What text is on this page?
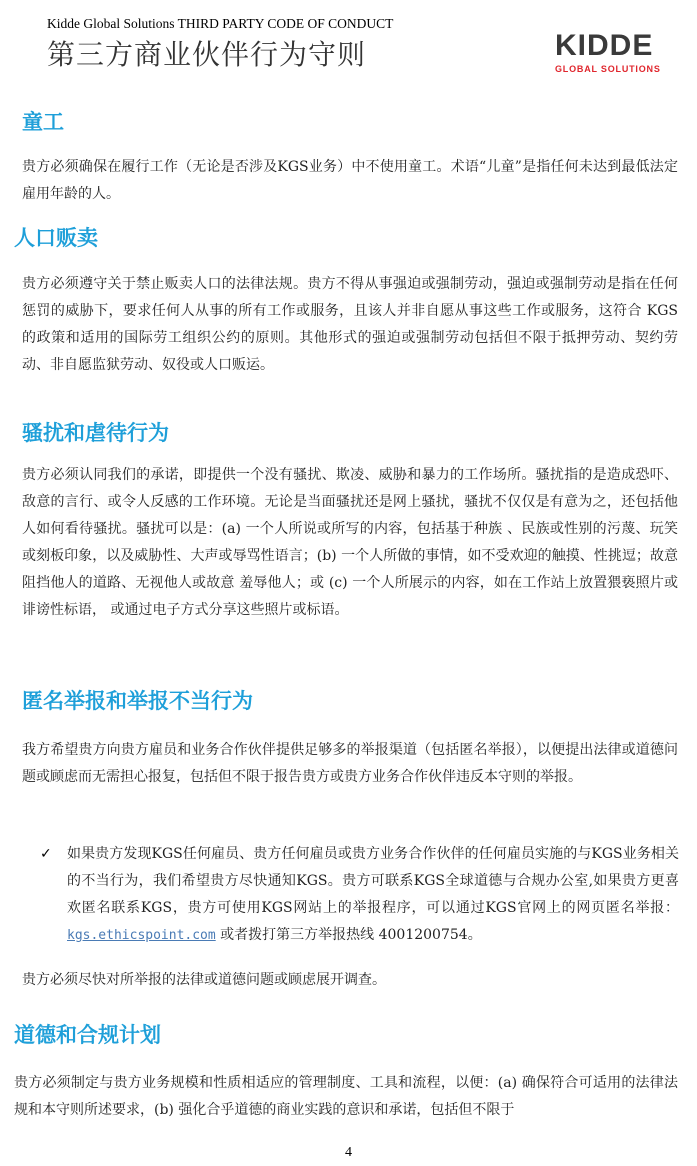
Kidde Global Solutions THIRD PARTY CODE OF CONDUCT
第三方商业伙伴行为守则	KIDDE
GLOBAL SOLUTIONS
童工
贵方必须确保在履行工作（无论是否涉及KGS业务）中不使用童工。术语“儿童”是指任何未达到最低法定雇用年龄的人。
人口贩卖
贵方必须遵守关于禁止贩卖人口的法律法规。贵方不得从事强迫或强制劳动，强迫或强制劳动是指在任何惩罚的威胁下，要求任何人从事的所有工作或服务，且该人并非自愿从事这些工作或服务，这符合 KGS 的政策和适用的国际劳工组织公约的原则。其他形式的强迫或强制劳动包括但不限于抵押劳动、契约劳动、非自愿监狱劳动、奴役或人口贩运。
骚扰和虐待行为
贵方必须认同我们的承诺，即提供一个没有骚扰、欺凌、威胁和暴力的工作场所。骚扰指的是造成恐吓、敌意的言行、或令人反感的工作环境。无论是当面骚扰还是网上骚扰，骚扰不仅仅是有意为之，还包括他人如何看待骚扰。骚扰可以是：(a) 一个人所说或所写的内容，包括基于种族 、民族或性别的污蔑、玩笑或刻板印象，以及威胁性、大声或辱骂性语言；(b) 一个人所做的事情，如不受欢迎的触摸、性挑逗；故意阻挡他人的道路、无视他人或故意 羞辱他人；或 (c) 一个人所展示的内容，如在工作站上放置猥亵照片或诽谤性标语， 或通过电子方式分享这些照片或标语。
匿名举报和举报不当行为
我方希望贵方向贵方雇员和业务合作伙伴提供足够多的举报渠道（包括匿名举报），以便提出法律或道德问题或顾虑而无需担心报复，包括但不限于报告贵方或贵方业务合作伙伴违反本守则的举报。
✓ 如果贵方发现KGS任何雇员、贵方任何雇员或贵方业务合作伙伴的任何雇员实施的与KGS业务相关的不当行为，我们希望贵方尽快通知KGS。贵方可联系KGS全球道德与合规办公室,如果贵方更喜欢匿名联系KGS，贵方可使用KGS网站上的举报程序，可以通过KGS官网上的网页匿名举报：kgs.ethicspoint.com 或者拨打第三方举报热线 4001200754。
贵方必须尽快对所举报的法律或道德问题或顾虑展开调查。
道德和合规计划
贵方必须制定与贵方业务规模和性质相适应的管理制度、工具和流程，以便：(a) 确保符合可适用的法律法规和本守则所述要求，(b) 强化合乎道德的商业实践的意识和承诺，包括但不限于
4
